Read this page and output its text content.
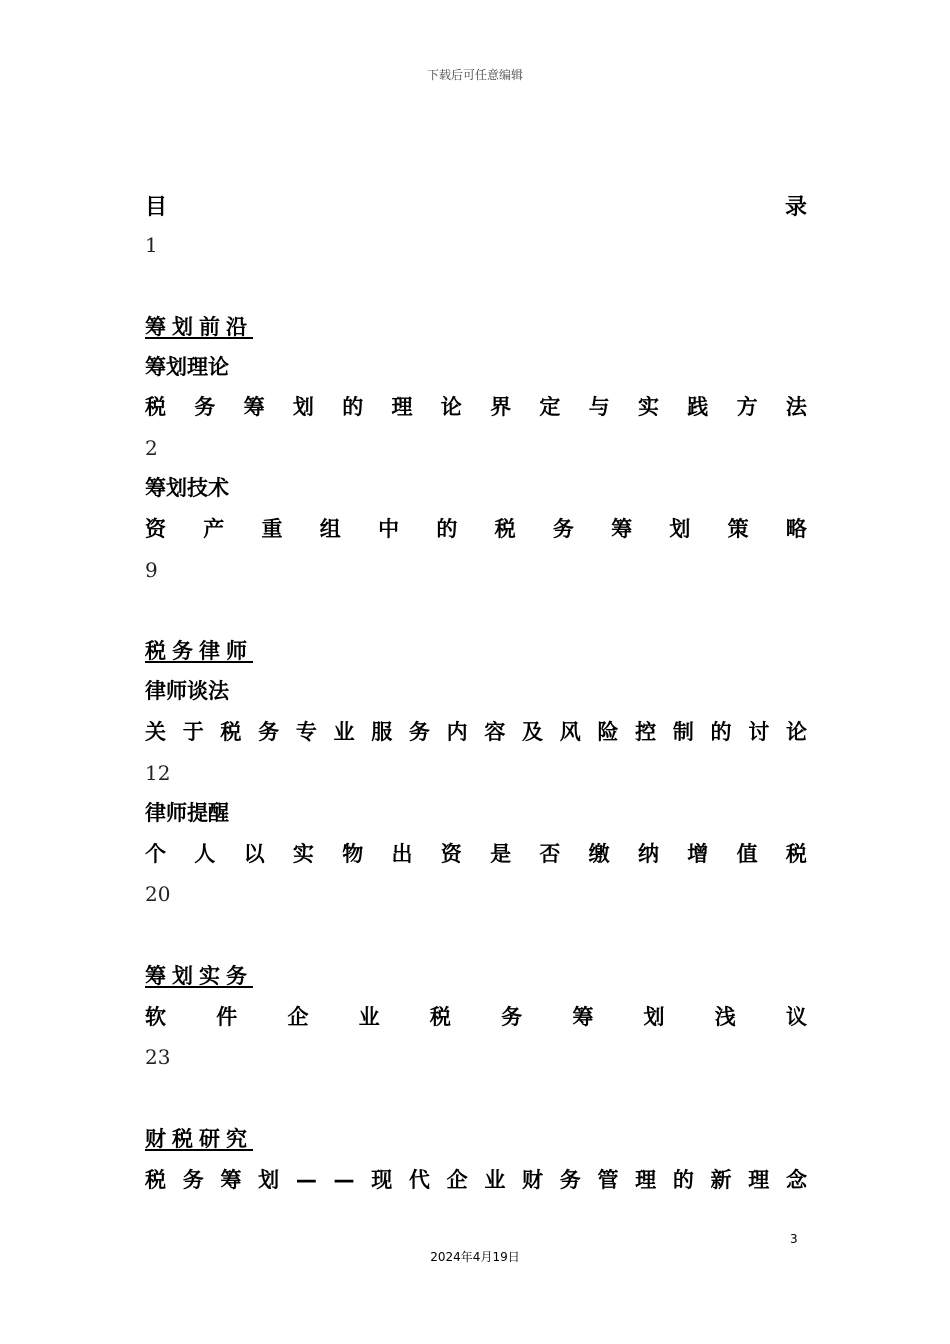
下载后可任意编辑
目	录
1
筹划前沿
筹划理论
税 务 筹 划 的 理 论 界 定 与 实 践 方 法
2
筹划技术
资 产 重 组 中 的 税 务 筹 划 策 略
9
税务律师
律师谈法
关 于 税 务 专 业 服 务 内 容 及 风 险 控 制 的 讨 论
12
律师提醒
个 人 以 实 物 出 资 是 否 缴 纳 增 值 税
20
筹划实务
软 件 企 业 税 务 筹 划 浅 议
23
财税研究
税 务 筹 划 — — 现 代 企 业 财 务 管 理 的 新 理 念
3
2024年4月19日
